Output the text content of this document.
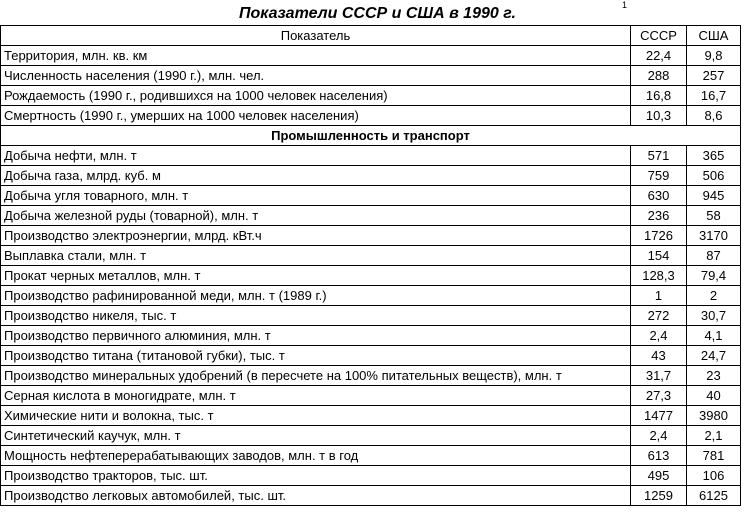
Показатели СССР и США в 1990 г.	1
Показатель	СССР	США
Территория, млн. кв. км	22,4	9,8
Численность населения (1990 г.), млн. чел.	288	257
Рождаемость (1990 г., родившихся на 1000 человек населения)	16,8	16,7
Смертность (1990 г., умерших на 1000 человек населения)	10,3	8,6
Промышленность и транспорт		
Добыча нефти, млн. т	571	365
Добыча газа, млрд. куб. м	759	506
Добыча угля товарного, млн. т	630	945
Добыча железной руды (товарной), млн. т	236	58
Производство электроэнергии, млрд. кВт.ч	1726	3170
Выплавка стали, млн. т	154	87
Прокат черных металлов, млн. т	128,3	79,4
Производство рафинированной меди, млн. т (1989 г.)	1	2
Производство никеля, тыс. т	272	30,7
Производство первичного алюминия, млн. т	2,4	4,1
Производство титана (титановой губки), тыс. т	43	24,7
Производство минеральных удобрений (в пересчете на 100% питательных веществ), млн. т	31,7	23
Серная кислота в моногидрате, млн. т	27,3	40
Химические нити и волокна, тыс. т	1477	3980
Синтетический каучук, млн. т	2,4	2,1
Мощность нефтеперерабатывающих заводов, млн. т в год	613	781
Производство тракторов, тыс. шт.	495	106
Производство легковых автомобилей, тыс. шт.	1259	6125
